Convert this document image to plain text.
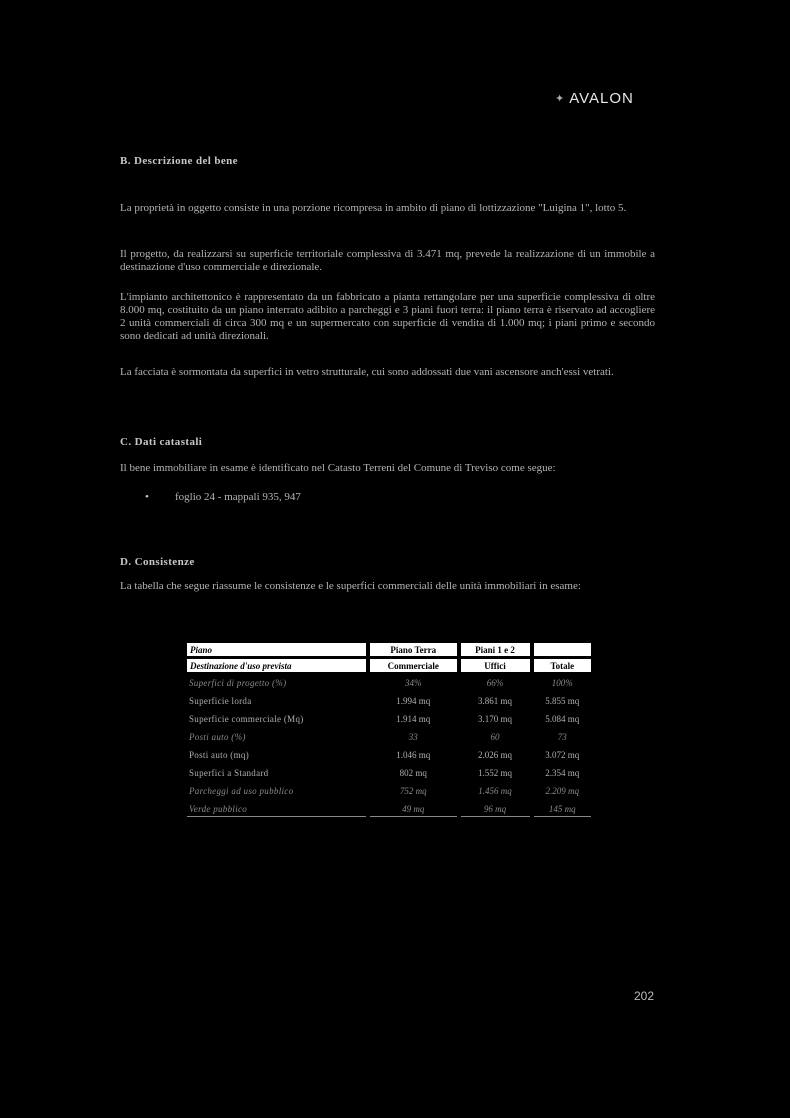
✦ AVALON

B. Descrizione del bene

La proprietà in oggetto consiste in una porzione ricompresa in ambito di piano di lottizzazione "Luigina 1", lotto 5.

Il progetto, da realizzarsi su superficie territoriale complessiva di 3.471 mq, prevede la realizzazione di un immobile a destinazione d'uso commerciale e direzionale.

L'impianto architettonico è rappresentato da un fabbricato a pianta rettangolare per una superficie complessiva di oltre 8.000 mq, costituito da un piano interrato adibito a parcheggi e 3 piani fuori terra: il piano terra è riservato ad accogliere 2 unità commerciali di circa 300 mq e un supermercato con superficie di vendita di 1.000 mq; i piani primo e secondo sono dedicati ad unità direzionali.

La facciata è sormontata da superfici in vetro strutturale, cui sono addossati due vani ascensore anch'essi vetrati.

C. Dati catastali

Il bene immobiliare in esame è identificato nel Catasto Terreni del Comune di Treviso come segue:

• foglio 24 - mappali 935, 947

D. Consistenze

La tabella che segue riassume le consistenze e le superfici commerciali delle unità immobiliari in esame:

Piano	Piano Terra	Piani 1 e 2	
Destinazione d'uso prevista	Commerciale	Uffici	Totale
Superfici di progetto (%)	34%	66%	100%
Superficie lorda	1.994 mq	3.861 mq	5.855 mq
Superficie commerciale (Mq)	1.914 mq	3.170 mq	5.084 mq
Posti auto (%)	33	60	73
Posti auto (mq)	1.046 mq	2.026 mq	3.072 mq
Superfici a Standard	802 mq	1.552 mq	2.354 mq
Parcheggi ad uso pubblico	752 mq	1.456 mq	2.209 mq
Verde pubblico	49 mq	96 mq	145 mq
202
